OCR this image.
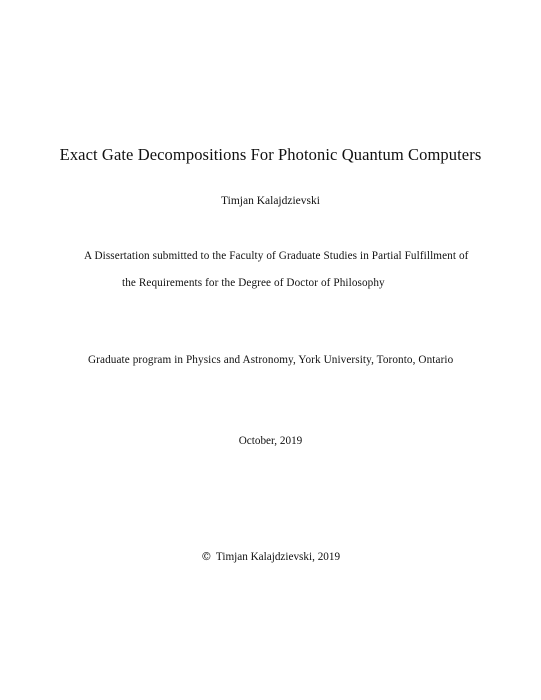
Exact Gate Decompositions For Photonic Quantum Computers
Timjan Kalajdzievski
A Dissertation submitted to the Faculty of Graduate Studies in Partial Fulfillment of
the Requirements for the Degree of Doctor of Philosophy
Graduate program in Physics and Astronomy, York University, Toronto, Ontario
October, 2019
© Timjan Kalajdzievski, 2019
